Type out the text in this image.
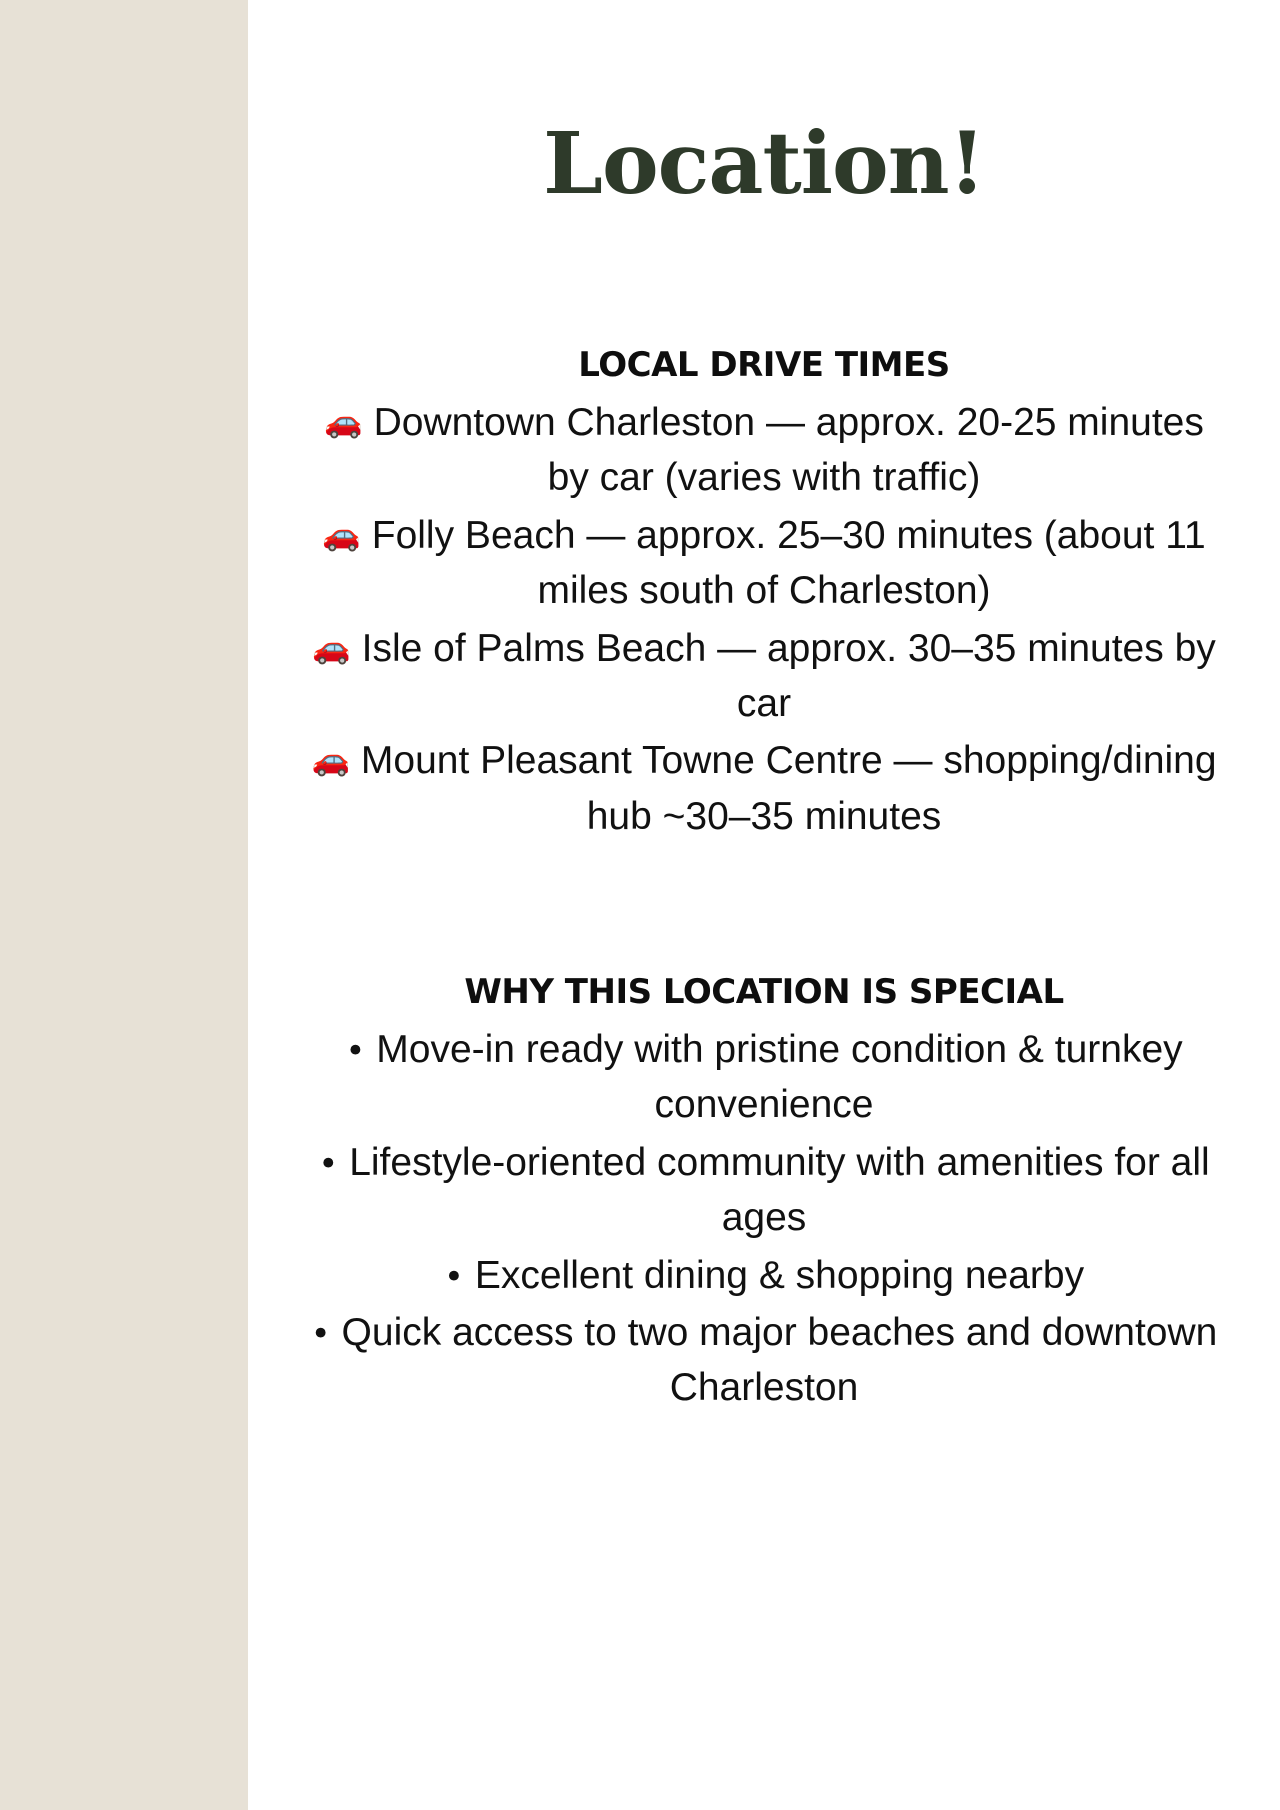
Location!
LOCAL DRIVE TIMES

🚗 Downtown Charleston — approx. 20-25 minutes by car (varies with traffic)

🚗 Folly Beach — approx. 25–30 minutes (about 11 miles south of Charleston)

🚗 Isle of Palms Beach — approx. 30–35 minutes by car

🚗 Mount Pleasant Towne Centre — shopping/dining hub ~30–35 minutes

WHY THIS LOCATION IS SPECIAL

• Move-in ready with pristine condition & turnkey convenience

• Lifestyle-oriented community with amenities for all ages

• Excellent dining & shopping nearby

• Quick access to two major beaches and downtown Charleston
